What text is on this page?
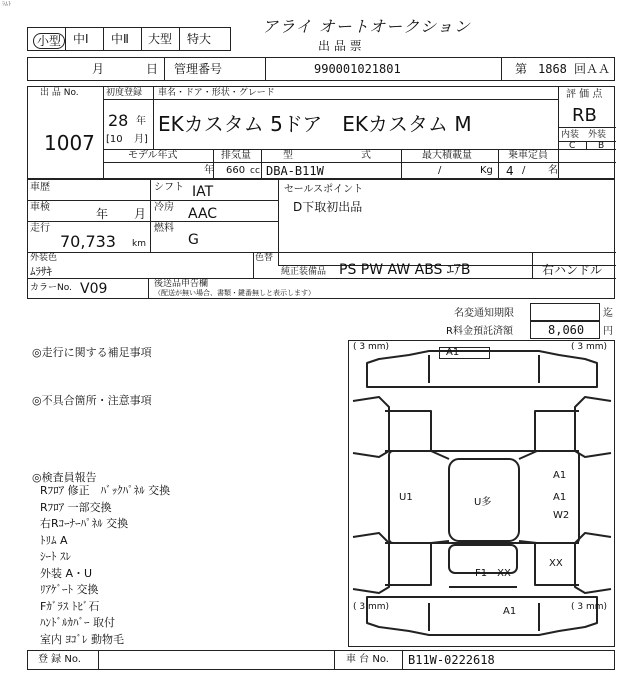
ﾗﾑﾄ
小型 中Ⅰ 中Ⅱ 大型 特大
アライ オートオークション
出 品 票
月	日 管理番号	990001021801	第 1868 回ＡＡ
出 品 No.
1007
初度登録
28 年
[10 月]
車名・ドア・形状・グレード
EKカスタム 5ドア　EKカスタム M
評 価 点
RB
内装 外装
C	B
モデル年式
年
排気量
660 cc
型	式
DBA-B11W
最大積載量
/	Kg
乗車定員
4 / 名
車歴
車検	年 月
走行
70,733 km
シフト IAT
冷房 AAC
燃料
G
セールスポイント
D下取初出品
外装色
ﾑﾗｻｷ
色替
純正装備品 PS PW AW ABS ｴｱB	右ハンドル
カラーNo. V09	後送品申告欄
（配送が無い場合、書類・鍵番無しと表示します）
名変通知期限	迄
R料金預託済額	8,060 円
◎走行に関する補足事項
◎不具合箇所・注意事項
◎検査員報告
Rﾌﾛｱ 修正　ﾊﾞｯｸﾊﾟﾈﾙ 交換
Rﾌﾛｱ 一部交換
右Rｺｰﾅｰﾊﾟﾈﾙ 交換
ﾄﾘﾑ A
ｼｰﾄ ｽﾚ
外装 A・U
ﾘｱｹﾞｰﾄ 交換
Fｶﾞﾗｽ ﾄﾋﾞ石
ﾊﾝﾄﾞﾙｶﾊﾞｰ 取付
室内 ﾖｺﾞﾚ 動物毛
( 3 mm)	( 3 mm)
( 3 mm)	( 3 mm)
A1
A1
U1	U多
A1
A1
W2
F1　XX
XX
登 録 No.	車 台 No. B11W-0222618
